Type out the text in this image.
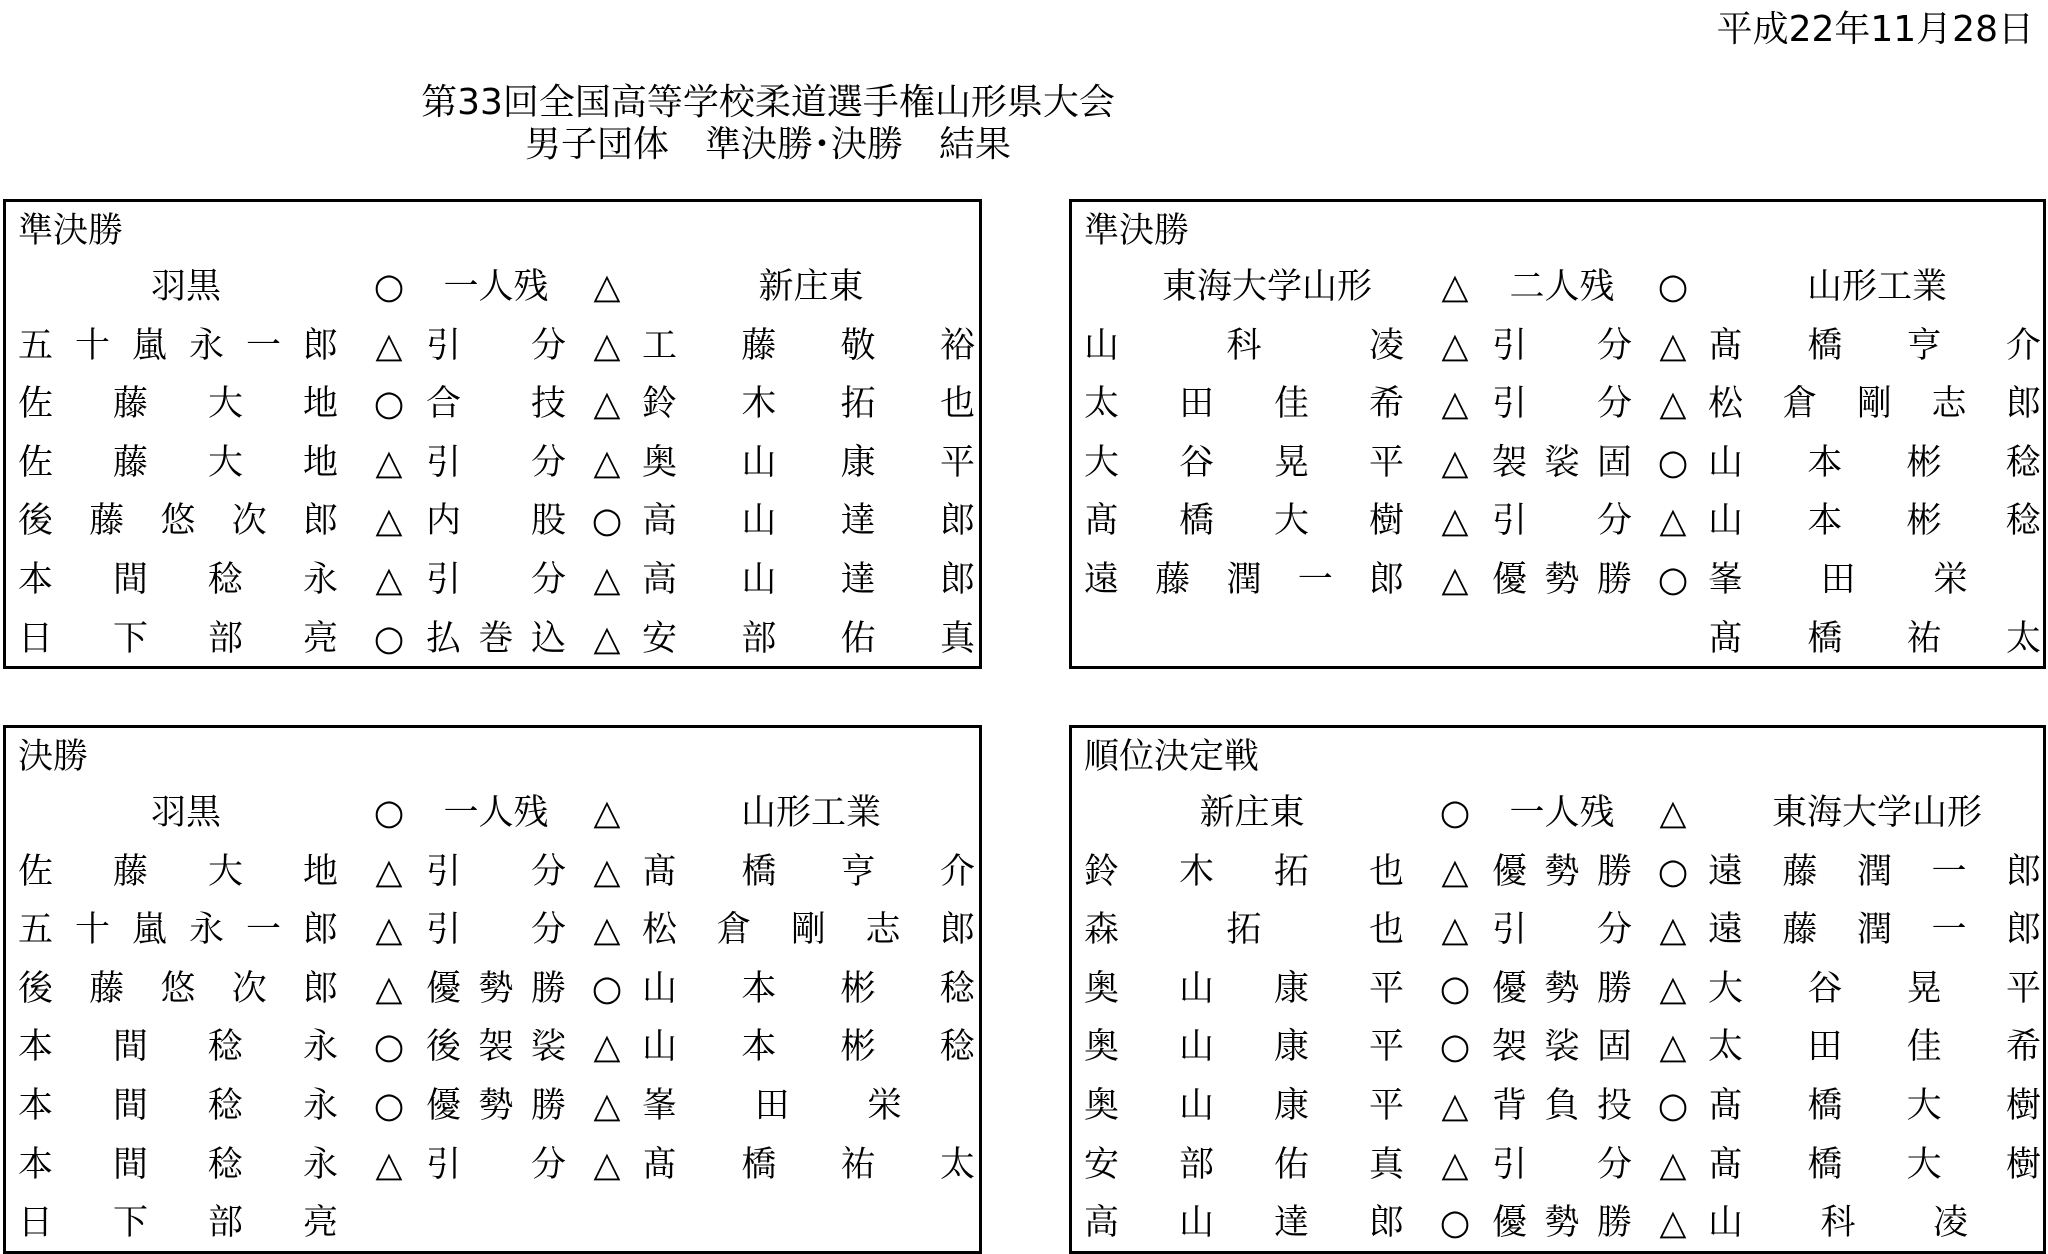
平成22年11月28日
第33回全国高等学校柔道選手権山形県大会
男子団体　準決勝･決勝　結果
準決勝
羽黒	○	一人残	△	新庄東
五 十 嵐 永 一 郎 △ 引 分 △ 工 藤 敬 裕
佐 藤 大 地 ○ 合 技 △ 鈴 木 拓 也
佐 藤 大 地 △ 引 分 △ 奥 山 康 平
後 藤 悠 次 郎 △ 内 股 ○ 高 山 達 郎
本 間 稔 永 △ 引 分 △ 高 山 達 郎
日 下 部 亮 ○ 払 巻 込 △ 安 部 佑 真
準決勝
東海大学山形 △	二人残	○	山形工業
山	科	凌 △ 引 分 △ 髙 橋 亨 介
太 田 佳 希 △ 引 分 △ 松 倉 剛 志 郎
大 谷 晃 平 △ 袈 裟 固 ○ 山 本 彬 稔
髙 橋 大 樹 △ 引 分 △ 山 本 彬 稔
遠 藤 潤 一 郎 △ 優 勢 勝 ○ 峯 田 栄
髙 橋 祐 太
決勝
羽黒	○	一人残	△	山形工業
佐 藤 大 地 △ 引 分 △ 髙 橋 亨 介
五 十 嵐 永 一 郎 △ 引 分 △ 松 倉 剛 志 郎
後 藤 悠 次 郎 △ 優 勢 勝 ○ 山 本 彬 稔
本 間 稔 永 ○ 後 袈 裟 △ 山 本 彬 稔
本 間 稔 永 ○ 優 勢 勝 △ 峯 田 栄
本 間 稔 永 △ 引 分 △ 髙 橋 祐 太
日 下 部 亮
順位決定戦
新庄東	○	一人残	△	東海大学山形
鈴 木 拓 也 △ 優 勢 勝 ○ 遠 藤 潤 一 郎
森	拓	也 △ 引 分 △ 遠 藤 潤 一 郎
奥 山 康 平 ○ 優 勢 勝 △ 大 谷 晃 平
奥 山 康 平 ○ 袈 裟 固 △ 太 田 佳 希
奥 山 康 平 △ 背 負 投 ○ 髙 橋 大 樹
安 部 佑 真 △ 引 分 △ 髙 橋 大 樹
高 山 達 郎 ○ 優 勢 勝 △ 山 科 凌
